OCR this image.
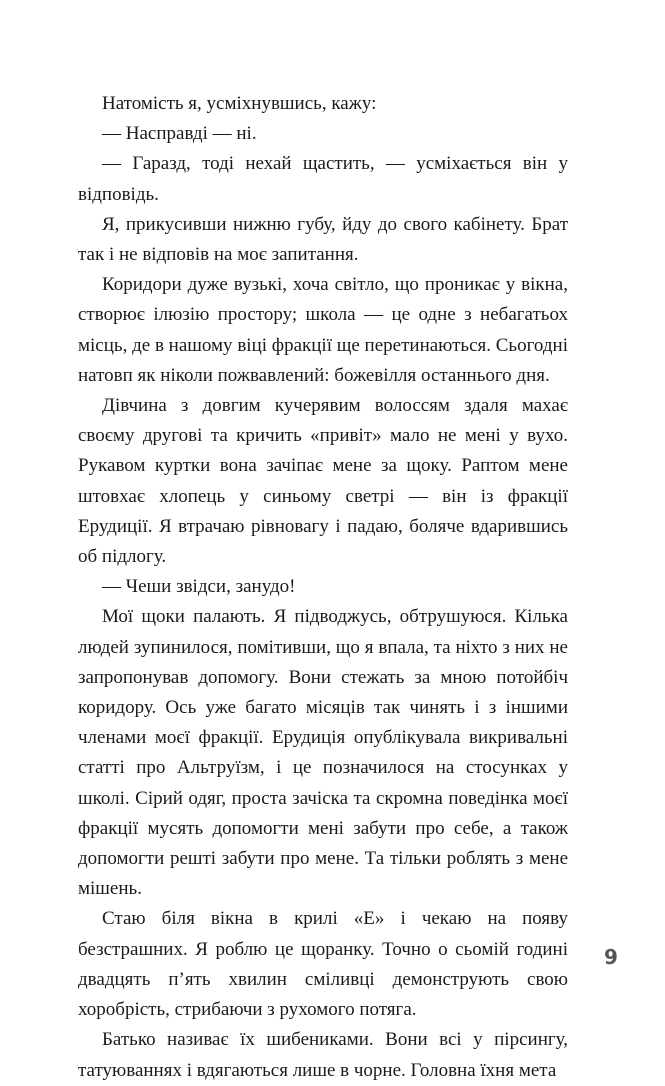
Натомість я, усміхнувшись, кажу:

— Насправді — ні.

— Гаразд, тоді нехай щастить, — усміхається він у відповідь.

Я, прикусивши нижню губу, йду до свого кабінету. Брат так і не відповів на моє запитання.

Коридори дуже вузькі, хоча світло, що проникає у вікна, створює ілюзію простору; школа — це одне з небагатьох місць, де в нашому віці фракції ще перетинаються. Сьогодні натовп як ніколи пожвавлений: божевілля останнього дня.

Дівчина з довгим кучерявим волоссям здаля махає своєму другові та кричить «привіт» мало не мені у вухо. Рукавом куртки вона зачіпає мене за щоку. Раптом мене штовхає хлопець у синьому светрі — він із фракції Ерудиції. Я втрачаю рівновагу і падаю, боляче вдарившись об підлогу.

— Чеши звідси, занудо!

Мої щоки палають. Я підводжусь, обтрушуюся. Кілька людей зупинилося, помітивши, що я впала, та ніхто з них не запропонував допомогу. Вони стежать за мною потойбіч коридору. Ось уже багато місяців так чинять і з іншими членами моєї фракції. Ерудиція опублікувала викривальні статті про Альтруїзм, і це позначилося на стосунках у школі. Сірий одяг, проста зачіска та скромна поведінка моєї фракції мусять допомогти мені забути про себе, а також допомогти решті забути про мене. Та тільки роблять з мене мішень.

Стаю біля вікна в крилі «Е» і чекаю на появу безстрашних. Я роблю це щоранку. Точно о сьомій годині двадцять п’ять хвилин сміливці демонструють свою хоробрість, стрибаючи з рухомого потяга.

Батько називає їх шибениками. Вони всі у пірсингу, татуюваннях і вдягаються лише в чорне. Головна їхня мета

9
